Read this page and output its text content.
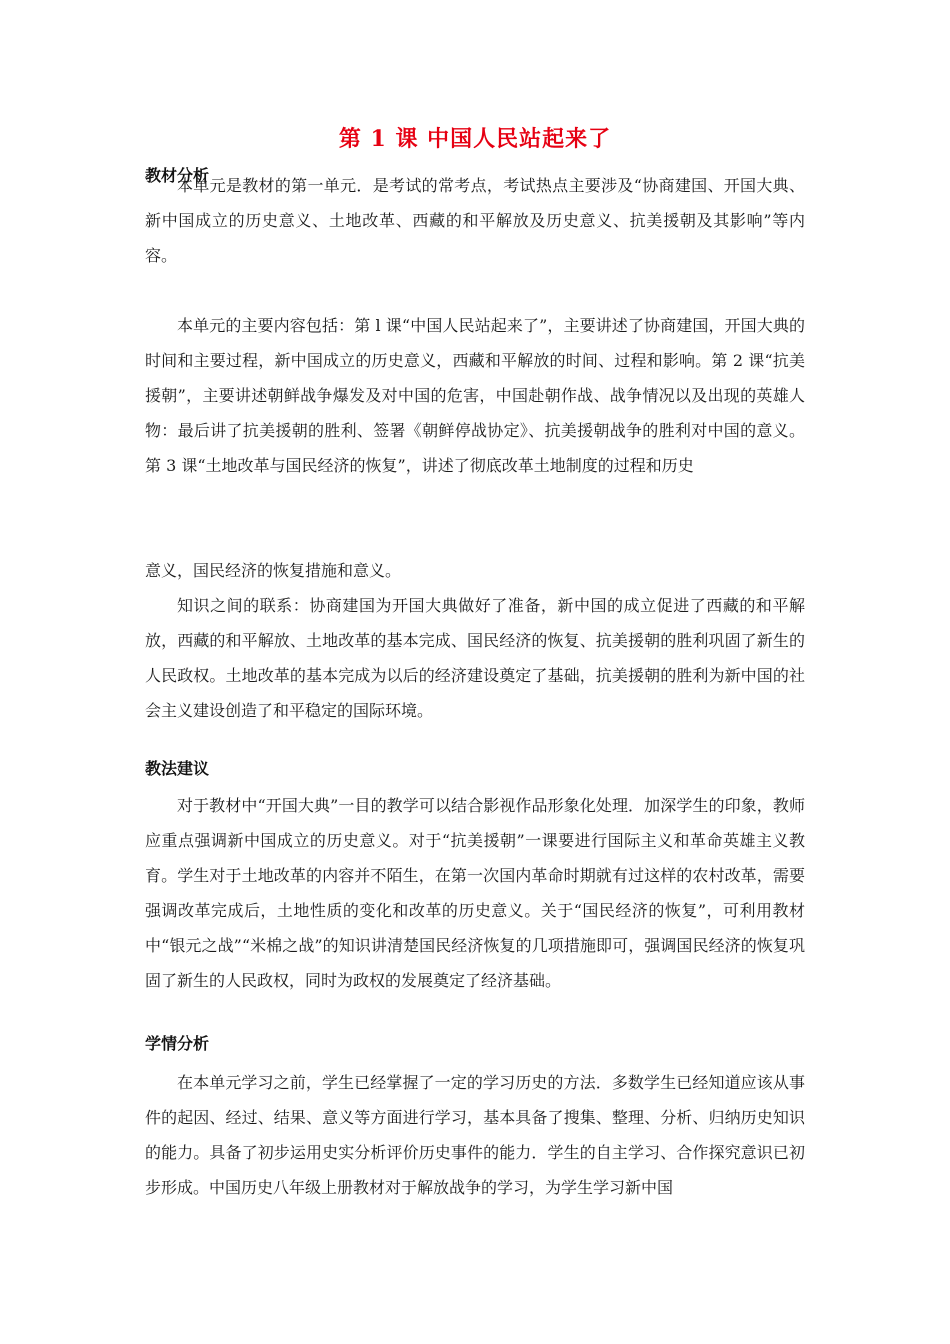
第 1 课 中国人民站起来了
教材分析
本单元是教材的第一单元．是考试的常考点，考试热点主要涉及“协商建国、开国大典、新中国成立的历史意义、土地改革、西藏的和平解放及历史意义、抗美援朝及其影响”等内容。
本单元的主要内容包括：第 l 课“中国人民站起来了”，主要讲述了协商建国，开国大典的时间和主要过程，新中国成立的历史意义，西藏和平解放的时间、过程和影响。第 2 课“抗美援朝”，主要讲述朝鲜战争爆发及对中国的危害，中国赴朝作战、战争情况以及出现的英雄人物：最后讲了抗美援朝的胜利、签署《朝鲜停战协定》、抗美援朝战争的胜利对中国的意义。第 3 课“土地改革与国民经济的恢复”，讲述了彻底改革土地制度的过程和历史
意义，国民经济的恢复措施和意义。
知识之间的联系：协商建国为开国大典做好了准备，新中国的成立促进了西藏的和平解放，西藏的和平解放、土地改革的基本完成、国民经济的恢复、抗美援朝的胜利巩固了新生的人民政权。土地改革的基本完成为以后的经济建设奠定了基础，抗美援朝的胜利为新中国的社会主义建设创造了和平稳定的国际环境。
教法建议
对于教材中“开国大典”一目的教学可以结合影视作品形象化处理．加深学生的印象，教师应重点强调新中国成立的历史意义。对于“抗美援朝”一课要进行国际主义和革命英雄主义教育。学生对于土地改革的内容并不陌生，在第一次国内革命时期就有过这样的农村改革，需要强调改革完成后，土地性质的变化和改革的历史意义。关于“国民经济的恢复”，可利用教材中“银元之战”“米棉之战”的知识讲清楚国民经济恢复的几项措施即可，强调国民经济的恢复巩固了新生的人民政权，同时为政权的发展奠定了经济基础。
学情分析
在本单元学习之前，学生已经掌握了一定的学习历史的方法．多数学生已经知道应该从事件的起因、经过、结果、意义等方面进行学习，基本具备了搜集、整理、分析、归纳历史知识的能力。具备了初步运用史实分析评价历史事件的能力．学生的自主学习、合作探究意识已初步形成。中国历史八年级上册教材对于解放战争的学习，为学生学习新中国
